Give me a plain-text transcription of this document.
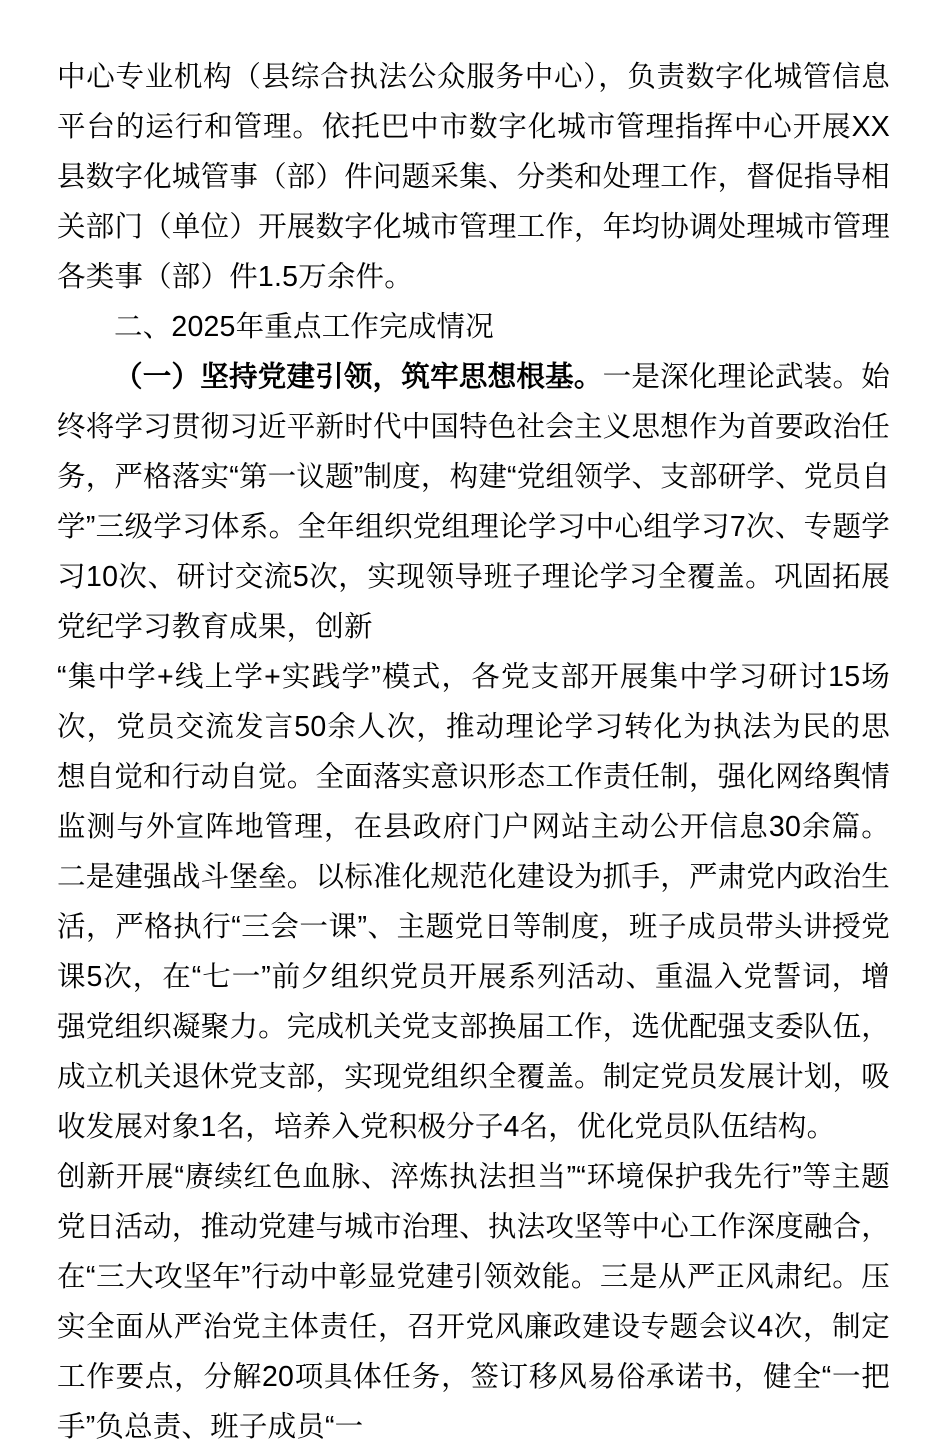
中心专业机构（县综合执法公众服务中心），负责数字化城管信息平台的运行和管理。依托巴中市数字化城市管理指挥中心开展XX县数字化城管事（部）件问题采集、分类和处理工作，督促指导相关部门（单位）开展数字化城市管理工作，年均协调处理城市管理各类事（部）件1.5万余件。

二、2025年重点工作完成情况

（一）坚持党建引领，筑牢思想根基。一是深化理论武装。始终将学习贯彻习近平新时代中国特色社会主义思想作为首要政治任务，严格落实“第一议题”制度，构建“党组领学、支部研学、党员自学”三级学习体系。全年组织党组理论学习中心组学习7次、专题学习10次、研讨交流5次，实现领导班子理论学习全覆盖。巩固拓展党纪学习教育成果，创新

“集中学+线上学+实践学”模式，各党支部开展集中学习研讨15场次，党员交流发言50余人次，推动理论学习转化为执法为民的思想自觉和行动自觉。全面落实意识形态工作责任制，强化网络舆情监测与外宣阵地管理，在县政府门户网站主动公开信息30余篇。二是建强战斗堡垒。以标准化规范化建设为抓手，严肃党内政治生活，严格执行“三会一课”、主题党日等制度，班子成员带头讲授党课5次，在“七一”前夕组织党员开展系列活动、重温入党誓词，增强党组织凝聚力。完成机关党支部换届工作，选优配强支委队伍，成立机关退休党支部，实现党组织全覆盖。制定党员发展计划，吸收发展对象1名，培养入党积极分子4名，优化党员队伍结构。

创新开展“赓续红色血脉、淬炼执法担当”“环境保护我先行”等主题党日活动，推动党建与城市治理、执法攻坚等中心工作深度融合，在“三大攻坚年”行动中彰显党建引领效能。三是从严正风肃纪。压实全面从严治党主体责任，召开党风廉政建设专题会议4次，制定工作要点，分解20项具体任务，签订移风易俗承诺书，健全“一把手”负总责、班子成员“一
